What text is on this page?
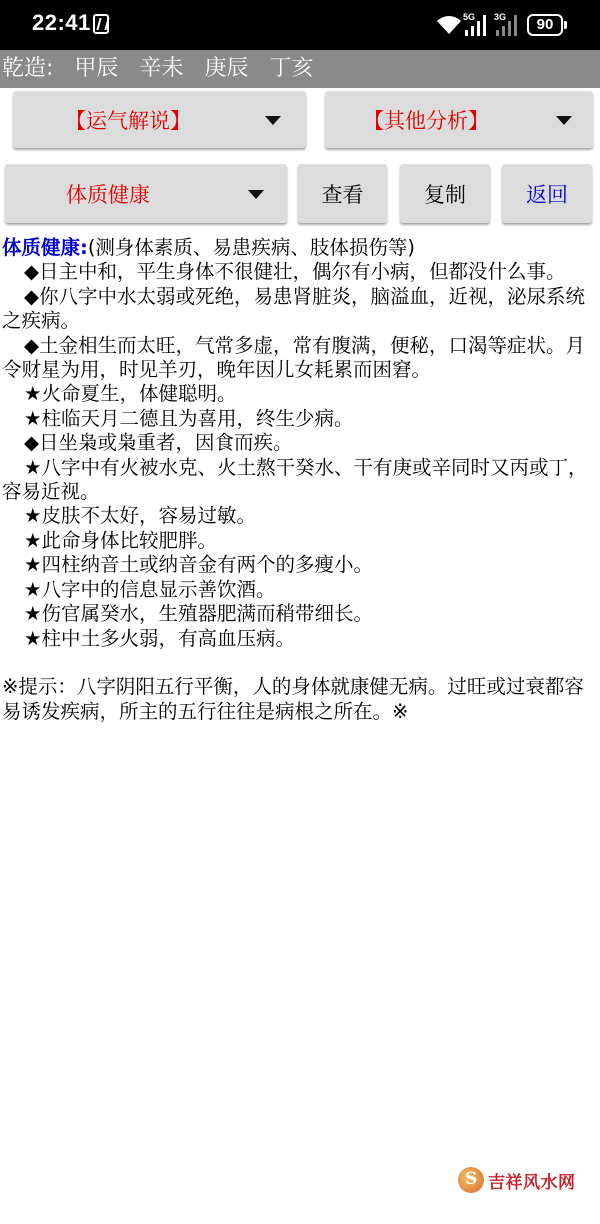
22:41	5G 3G	90
乾造: 甲辰 辛未 庚辰 丁亥
【运气解说】	【其他分析】
体质健康	查看	复制	返回
体质健康:(测身体素质、易患疾病、肢体损伤等)
◆日主中和，平生身体不很健壮，偶尔有小病，但都没什么事。
◆你八字中水太弱或死绝，易患肾脏炎，脑溢血，近视，泌尿系统之疾病。
◆土金相生而太旺，气常多虚，常有腹满，便秘，口渴等症状。月令财星为用，时见羊刃，晚年因儿女耗累而困窘。
★火命夏生，体健聪明。
★柱临天月二德且为喜用，终生少病。
◆日坐枭或枭重者，因食而疾。
★八字中有火被水克、火土熬干癸水、干有庚或辛同时又丙或丁，容易近视。
★皮肤不太好，容易过敏。
★此命身体比较肥胖。
★四柱纳音土或纳音金有两个的多瘦小。
★八字中的信息显示善饮酒。
★伤官属癸水，生殖器肥满而稍带细长。
★柱中土多火弱，有高血压病。
※提示：八字阴阳五行平衡，人的身体就康健无病。过旺或过衰都容易诱发疾病，所主的五行往往是病根之所在。※
S
吉祥风水网
